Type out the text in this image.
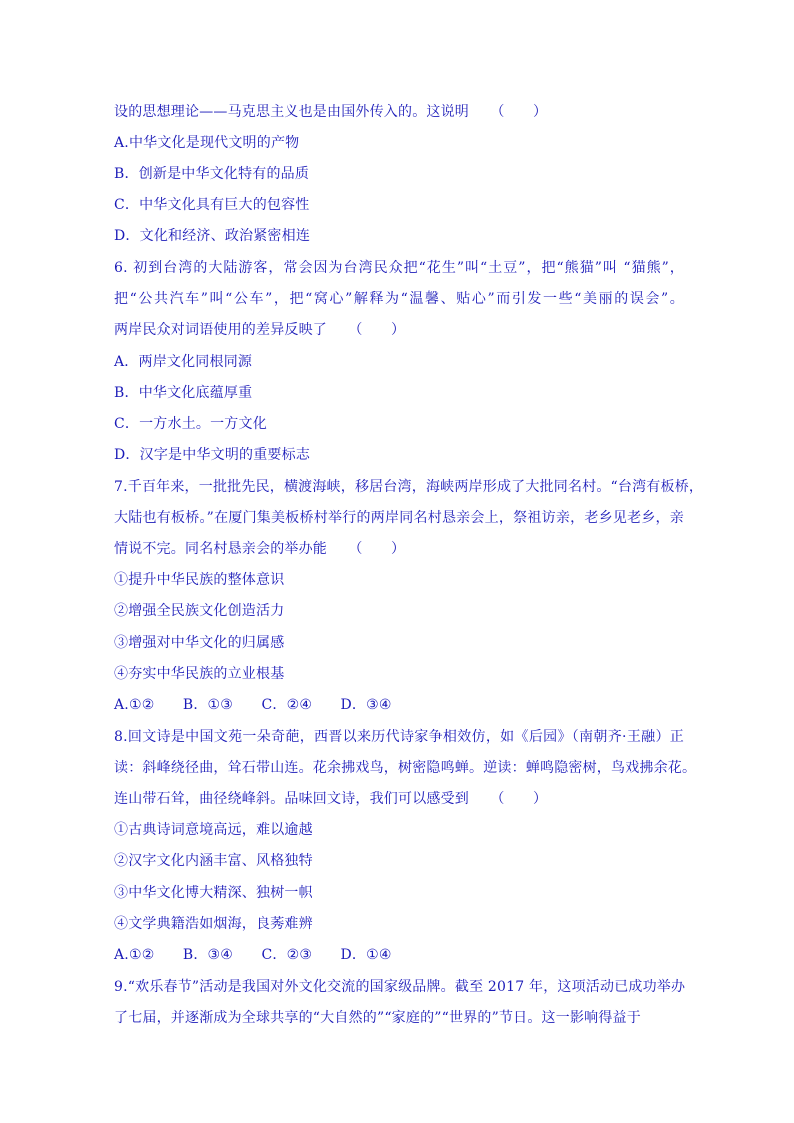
设的思想理论——马克思主义也是由国外传入的。这说明　　（　　）
A.中华文化是现代文明的产物
B．创新是中华文化特有的品质
C．中华文化具有巨大的包容性
D．文化和经济、政治紧密相连
6. 初到台湾的大陆游客，常会因为台湾民众把“花生”叫“土豆”，把“熊猫”叫 “猫熊”，
把“公共汽车”叫“公车”，把“窝心”解释为“温馨、贴心”而引发一些“美丽的误会”。
两岸民众对词语使用的差异反映了　　（　　）
A．两岸文化同根同源
B．中华文化底蕴厚重
C．一方水土。一方文化
D．汉字是中华文明的重要标志
7.千百年来，一批批先民，横渡海峡，移居台湾，海峡两岸形成了大批同名村。“台湾有板桥，
大陆也有板桥。”在厦门集美板桥村举行的两岸同名村恳亲会上，祭祖访亲，老乡见老乡，亲
情说不完。同名村恳亲会的举办能　　（　　）
①提升中华民族的整体意识
②增强全民族文化创造活力
③增强对中华文化的归属感
④夯实中华民族的立业根基
A.①②　　B．①③　　C．②④　　D．③④
8.回文诗是中国文苑一朵奇葩，西晋以来历代诗家争相效仿，如《后园》（南朝齐·王融）正
读：斜峰绕径曲，耸石带山连。花余拂戏鸟，树密隐鸣蝉。逆读：蝉鸣隐密树，鸟戏拂余花。
连山带石耸，曲径绕峰斜。品味回文诗，我们可以感受到　　（　　）
①古典诗词意境高远，难以逾越
②汉字文化内涵丰富、风格独特
③中华文化博大精深、独树一帜
④文学典籍浩如烟海，良莠难辨
A.①②　　B．③④　　C．②③　　D．①④
9.“欢乐春节”活动是我国对外文化交流的国家级品牌。截至 2017 年，这项活动已成功举办
了七届，并逐渐成为全球共享的“大自然的”“家庭的”“世界的”节日。这一影响得益于
